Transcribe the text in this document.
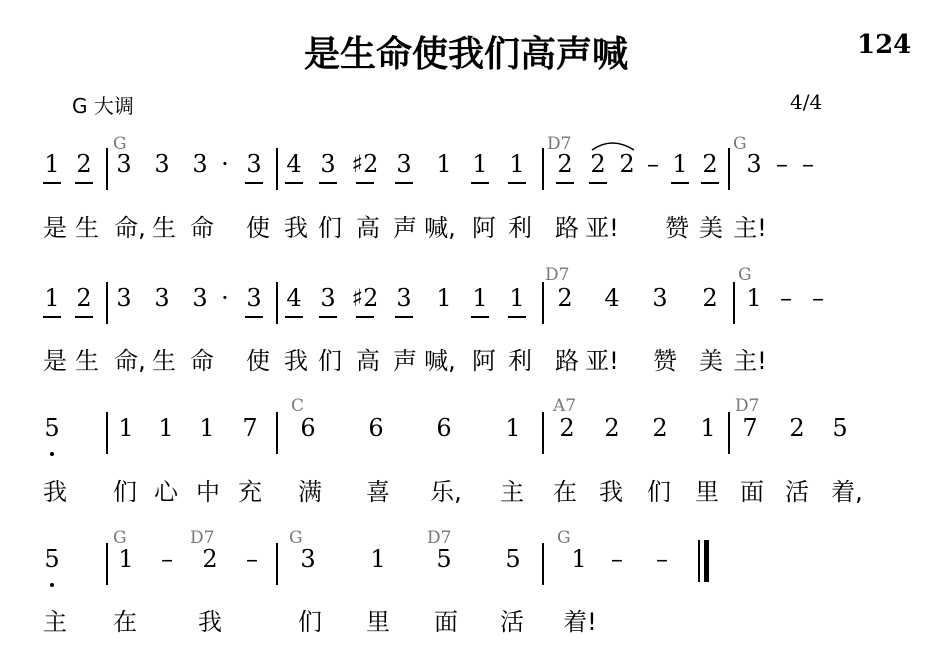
是生命使我们高声喊	124
G 大调	4/4
1 2 3 3 3 · 3 4 3 ♯2 3 1 1 1 2 2 2 – 1 2 3 – –
G	D7	G
是 生 命, 生 命 使 我 们 高 声 喊, 阿 利 路 亚! 赞 美 主!
1 2 3 3 3 · 3 4 3 ♯2 3 1 1 1 2 4 3 2 1 – –
D7	G
是 生 命, 生 命 使 我 们 高 声 喊, 阿 利 路 亚! 赞 美 主!
5 1 1 1 7 6 6 6 1 2 2 2 1 7 2 5
C	A7	D7
我 们 心 中 充 满 喜 乐, 主 在 我 们 里 面 活 着,
5 1 – 2 – 3 1 5 5 1 – –
G	D7	G	D7	G
主 在	我	们 里 面 活 着!
